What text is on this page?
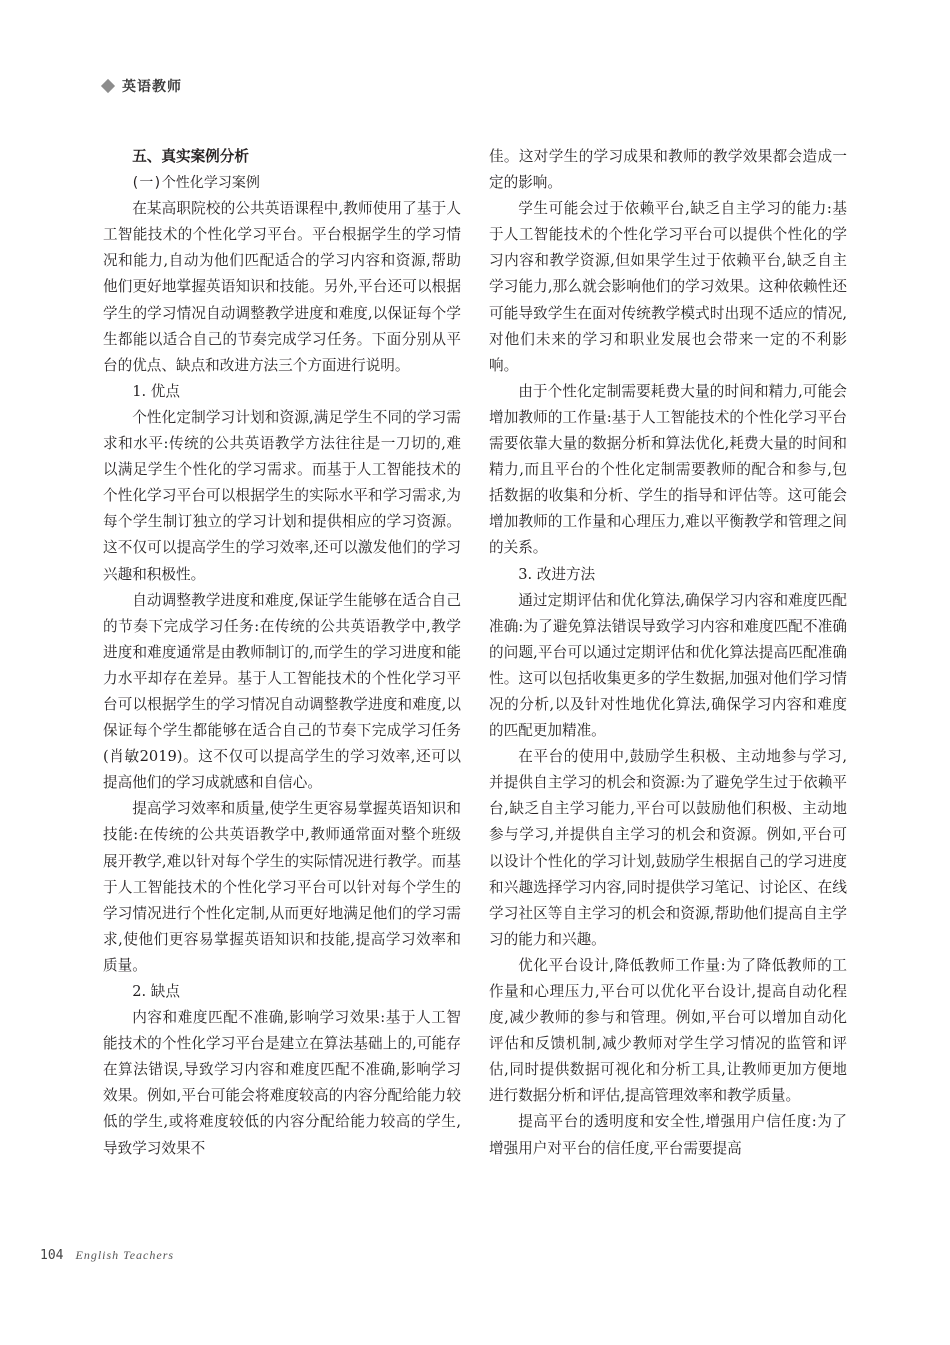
英语教师
五、真实案例分析
(一)个性化学习案例

在某高职院校的公共英语课程中,教师使用了基于人工智能技术的个性化学习平台。平台根据学生的学习情况和能力,自动为他们匹配适合的学习内容和资源,帮助他们更好地掌握英语知识和技能。另外,平台还可以根据学生的学习情况自动调整教学进度和难度,以保证每个学生都能以适合自己的节奏完成学习任务。下面分别从平台的优点、缺点和改进方法三个方面进行说明。

1. 优点

个性化定制学习计划和资源,满足学生不同的学习需求和水平:传统的公共英语教学方法往往是一刀切的,难以满足学生个性化的学习需求。而基于人工智能技术的个性化学习平台可以根据学生的实际水平和学习需求,为每个学生制订独立的学习计划和提供相应的学习资源。这不仅可以提高学生的学习效率,还可以激发他们的学习兴趣和积极性。

自动调整教学进度和难度,保证学生能够在适合自己的节奏下完成学习任务:在传统的公共英语教学中,教学进度和难度通常是由教师制订的,而学生的学习进度和能力水平却存在差异。基于人工智能技术的个性化学习平台可以根据学生的学习情况自动调整教学进度和难度,以保证每个学生都能够在适合自己的节奏下完成学习任务(肖敏2019)。这不仅可以提高学生的学习效率,还可以提高他们的学习成就感和自信心。

提高学习效率和质量,使学生更容易掌握英语知识和技能:在传统的公共英语教学中,教师通常面对整个班级展开教学,难以针对每个学生的实际情况进行教学。而基于人工智能技术的个性化学习平台可以针对每个学生的学习情况进行个性化定制,从而更好地满足他们的学习需求,使他们更容易掌握英语知识和技能,提高学习效率和质量。

2. 缺点

内容和难度匹配不准确,影响学习效果:基于人工智能技术的个性化学习平台是建立在算法基础上的,可能存在算法错误,导致学习内容和难度匹配不准确,影响学习效果。例如,平台可能会将难度较高的内容分配给能力较低的学生,或将难度较低的内容分配给能力较高的学生,导致学习效果不

佳。这对学生的学习成果和教师的教学效果都会造成一定的影响。

学生可能会过于依赖平台,缺乏自主学习的能力:基于人工智能技术的个性化学习平台可以提供个性化的学习内容和教学资源,但如果学生过于依赖平台,缺乏自主学习能力,那么就会影响他们的学习效果。这种依赖性还可能导致学生在面对传统教学模式时出现不适应的情况,对他们未来的学习和职业发展也会带来一定的不利影响。

由于个性化定制需要耗费大量的时间和精力,可能会增加教师的工作量:基于人工智能技术的个性化学习平台需要依靠大量的数据分析和算法优化,耗费大量的时间和精力,而且平台的个性化定制需要教师的配合和参与,包括数据的收集和分析、学生的指导和评估等。这可能会增加教师的工作量和心理压力,难以平衡教学和管理之间的关系。

3. 改进方法

通过定期评估和优化算法,确保学习内容和难度匹配准确:为了避免算法错误导致学习内容和难度匹配不准确的问题,平台可以通过定期评估和优化算法提高匹配准确性。这可以包括收集更多的学生数据,加强对他们学习情况的分析,以及针对性地优化算法,确保学习内容和难度的匹配更加精准。

在平台的使用中,鼓励学生积极、主动地参与学习,并提供自主学习的机会和资源:为了避免学生过于依赖平台,缺乏自主学习能力,平台可以鼓励他们积极、主动地参与学习,并提供自主学习的机会和资源。例如,平台可以设计个性化的学习计划,鼓励学生根据自己的学习进度和兴趣选择学习内容,同时提供学习笔记、讨论区、在线学习社区等自主学习的机会和资源,帮助他们提高自主学习的能力和兴趣。

优化平台设计,降低教师工作量:为了降低教师的工作量和心理压力,平台可以优化平台设计,提高自动化程度,减少教师的参与和管理。例如,平台可以增加自动化评估和反馈机制,减少教师对学生学习情况的监管和评估,同时提供数据可视化和分析工具,让教师更加方便地进行数据分析和评估,提高管理效率和教学质量。

提高平台的透明度和安全性,增强用户信任度:为了增强用户对平台的信任度,平台需要提高

104 English Teachers
